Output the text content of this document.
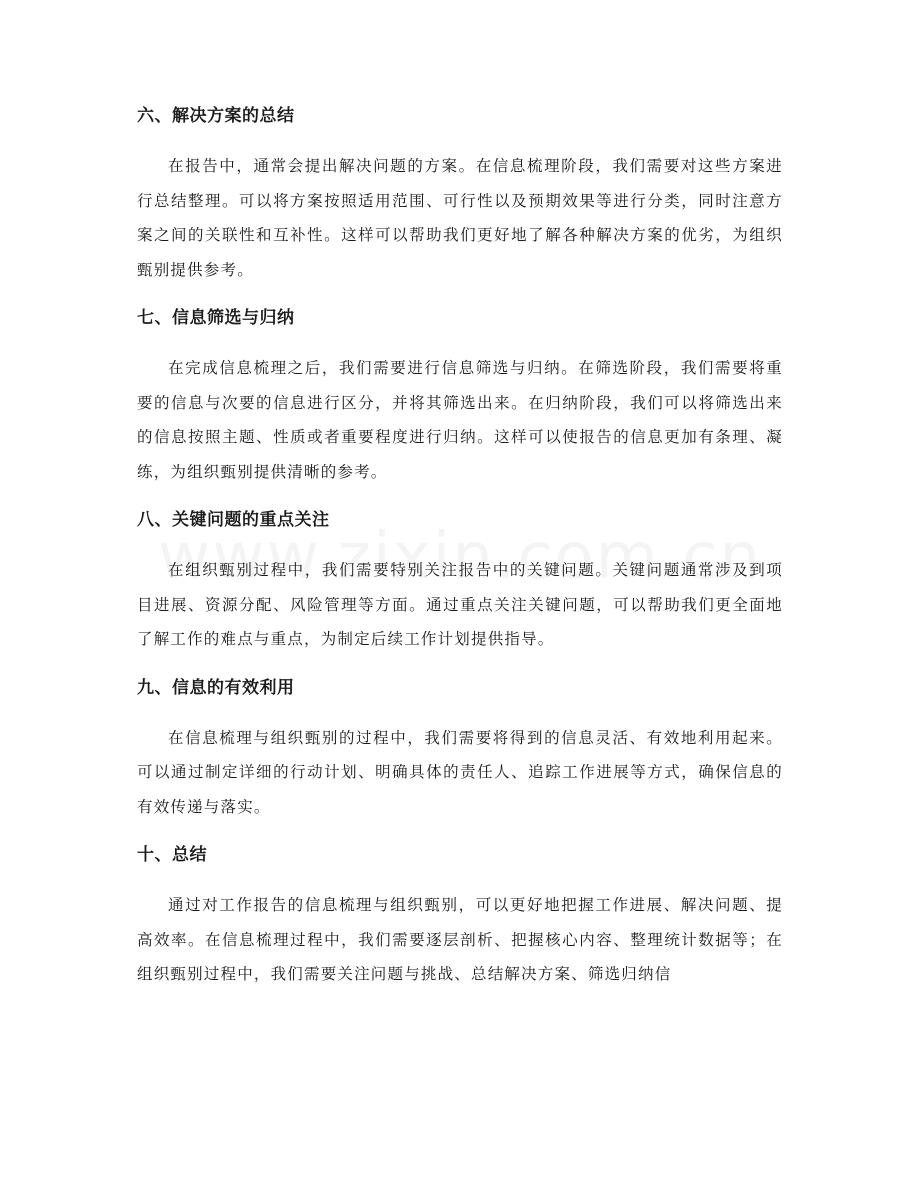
六、解决方案的总结
在报告中，通常会提出解决问题的方案。在信息梳理阶段，我们需要对这些方案进行总结整理。可以将方案按照适用范围、可行性以及预期效果等进行分类，同时注意方案之间的关联性和互补性。这样可以帮助我们更好地了解各种解决方案的优劣，为组织甄别提供参考。
七、信息筛选与归纳
在完成信息梳理之后，我们需要进行信息筛选与归纳。在筛选阶段，我们需要将重要的信息与次要的信息进行区分，并将其筛选出来。在归纳阶段，我们可以将筛选出来的信息按照主题、性质或者重要程度进行归纳。这样可以使报告的信息更加有条理、凝练，为组织甄别提供清晰的参考。
八、关键问题的重点关注
在组织甄别过程中，我们需要特别关注报告中的关键问题。关键问题通常涉及到项目进展、资源分配、风险管理等方面。通过重点关注关键问题，可以帮助我们更全面地了解工作的难点与重点，为制定后续工作计划提供指导。
九、信息的有效利用
在信息梳理与组织甄别的过程中，我们需要将得到的信息灵活、有效地利用起来。可以通过制定详细的行动计划、明确具体的责任人、追踪工作进展等方式，确保信息的有效传递与落实。
十、总结
通过对工作报告的信息梳理与组织甄别，可以更好地把握工作进展、解决问题、提高效率。在信息梳理过程中，我们需要逐层剖析、把握核心内容、整理统计数据等；在组织甄别过程中，我们需要关注问题与挑战、总结解决方案、筛选归纳信
